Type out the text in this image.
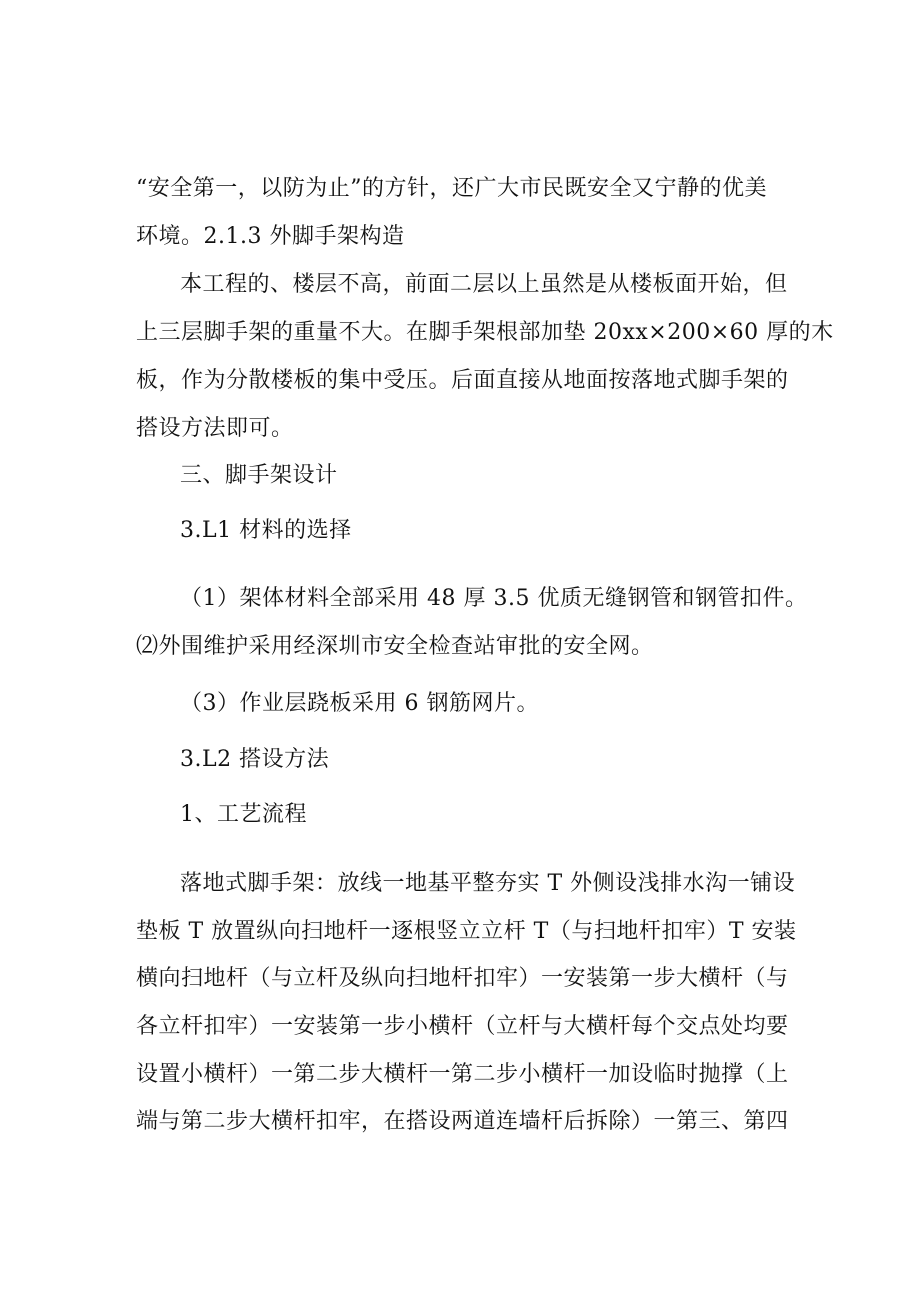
“安全第一，以防为止”的方针，还广大市民既安全又宁静的优美

环境。2.1.3 外脚手架构造

本工程的、楼层不高，前面二层以上虽然是从楼板面开始，但

上三层脚手架的重量不大。在脚手架根部加垫 20xx×200×60 厚的木

板，作为分散楼板的集中受压。后面直接从地面按落地式脚手架的

搭设方法即可。

三、脚手架设计

3.L1 材料的选择

（1）架体材料全部采用 48 厚 3.5 优质无缝钢管和钢管扣件。

⑵外围维护采用经深圳市安全检查站审批的安全网。

（3）作业层跷板采用 6 钢筋网片。

3.L2 搭设方法

1、工艺流程

落地式脚手架：放线一地基平整夯实 T 外侧设浅排水沟一铺设

垫板 T 放置纵向扫地杆一逐根竖立立杆 T（与扫地杆扣牢）T 安装

横向扫地杆（与立杆及纵向扫地杆扣牢）一安装第一步大横杆（与

各立杆扣牢）一安装第一步小横杆（立杆与大横杆每个交点处均要

设置小横杆）一第二步大横杆一第二步小横杆一加设临时抛撑（上

端与第二步大横杆扣牢，在搭设两道连墙杆后拆除）一第三、第四
